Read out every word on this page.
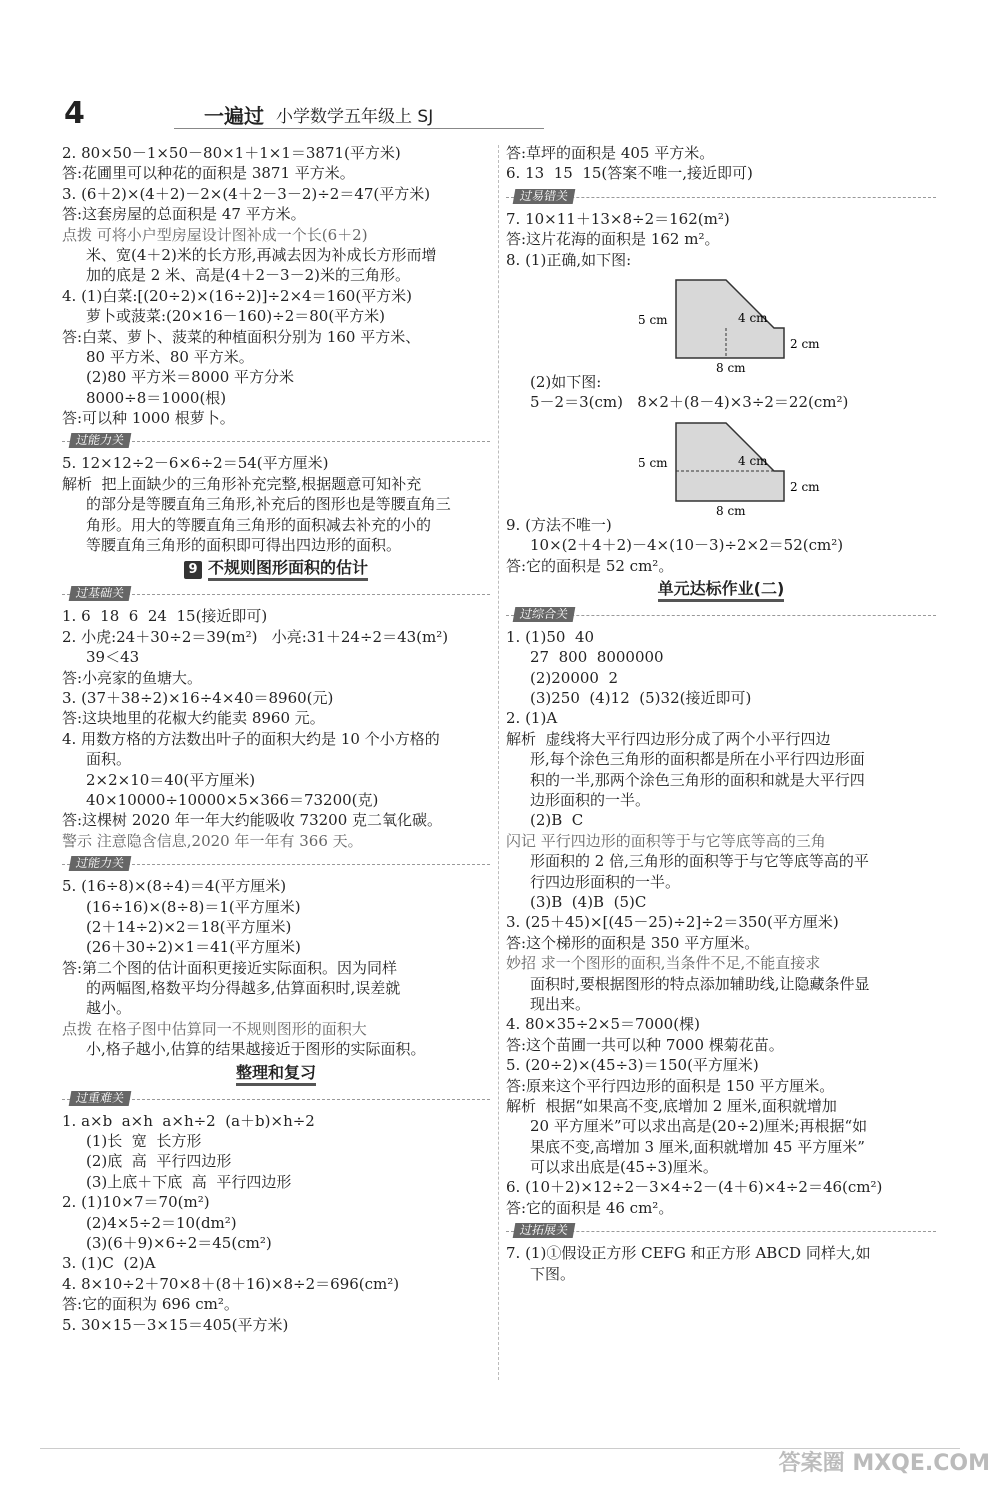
4	一遍过 小学数学五年级上 SJ
2. 80×50－1×50－80×1＋1×1＝3871(平方米)
答:花圃里可以种花的面积是 3871 平方米。
3. (6＋2)×(4＋2)－2×(4＋2－3－2)÷2＝47(平方米)
答:这套房屋的总面积是 47 平方米。
点拨 可将小户型房屋设计图补成一个长(6＋2)
米、宽(4＋2)米的长方形,再减去因为补成长方形而增
加的底是 2 米、高是(4＋2－3－2)米的三角形。
4. (1)白菜:[(20÷2)×(16÷2)]÷2×4＝160(平方米)
萝卜或菠菜:(20×16－160)÷2＝80(平方米)
答:白菜、萝卜、菠菜的种植面积分别为 160 平方米、
80 平方米、80 平方米。
(2)80 平方米＝8000 平方分米
8000÷8＝1000(根)
答:可以种 1000 根萝卜。
过能力关
5. 12×12÷2－6×6÷2＝54(平方厘米)
解析  把上面缺少的三角形补充完整,根据题意可知补充
的部分是等腰直角三角形,补充后的图形也是等腰直角三
角形。用大的等腰直角三角形的面积减去补充的小的
等腰直角三角形的面积即可得出四边形的面积。
9 不规则图形面积的估计
过基础关
1. 6  18  6  24  15(接近即可)
2. 小虎:24＋30÷2＝39(m²)   小亮:31＋24÷2＝43(m²)
39＜43
答:小亮家的鱼塘大。
3. (37＋38÷2)×16÷4×40＝8960(元)
答:这块地里的花椒大约能卖 8960 元。
4. 用数方格的方法数出叶子的面积大约是 10 个小方格的
面积。
2×2×10＝40(平方厘米)
40×10000÷10000×5×366＝73200(克)
答:这棵树 2020 年一年大约能吸收 73200 克二氧化碳。
警示 注意隐含信息,2020 年一年有 366 天。
过能力关
5. (16÷8)×(8÷4)＝4(平方厘米)
(16÷16)×(8÷8)＝1(平方厘米)
(2＋14÷2)×2＝18(平方厘米)
(26＋30÷2)×1＝41(平方厘米)
答:第二个图的估计面积更接近实际面积。因为同样
的两幅图,格数平均分得越多,估算面积时,误差就
越小。
点拨 在格子图中估算同一不规则图形的面积大
小,格子越小,估算的结果越接近于图形的实际面积。
整理和复习
过重难关
1. a×b  a×h  a×h÷2  (a＋b)×h÷2
(1)长  宽  长方形
(2)底  高  平行四边形
(3)上底＋下底  高  平行四边形
2. (1)10×7＝70(m²)
(2)4×5÷2＝10(dm²)
(3)(6＋9)×6÷2＝45(cm²)
3. (1)C  (2)A
4. 8×10÷2＋70×8＋(8＋16)×8÷2＝696(cm²)
答:它的面积为 696 cm²。
5. 30×15－3×15＝405(平方米)
答:草坪的面积是 405 平方米。
6. 13  15  15(答案不唯一,接近即可)
过易错关
7. 10×11＋13×8÷2＝162(m²)
答:这片花海的面积是 162 m²。
8. (1)正确,如下图:
5 cm	4 cm
2 cm
8 cm
(2)如下图:
5－2＝3(cm)   8×2＋(8－4)×3÷2＝22(cm²)
5 cm	4 cm
2 cm
8 cm
9. (方法不唯一)
10×(2＋4＋2)－4×(10－3)÷2×2＝52(cm²)
答:它的面积是 52 cm²。
单元达标作业(二)
过综合关
1. (1)50  40
27  800  8000000
(2)20000  2
(3)250  (4)12  (5)32(接近即可)
2. (1)A
解析  虚线将大平行四边形分成了两个小平行四边
形,每个涂色三角形的面积都是所在小平行四边形面
积的一半,那两个涂色三角形的面积和就是大平行四
边形面积的一半。
(2)B  C
闪记 平行四边形的面积等于与它等底等高的三角
形面积的 2 倍,三角形的面积等于与它等底等高的平
行四边形面积的一半。
(3)B  (4)B  (5)C
3. (25＋45)×[(45－25)÷2]÷2＝350(平方厘米)
答:这个梯形的面积是 350 平方厘米。
妙招 求一个图形的面积,当条件不足,不能直接求
面积时,要根据图形的特点添加辅助线,让隐藏条件显
现出来。
4. 80×35÷2×5＝7000(棵)
答:这个苗圃一共可以种 7000 棵菊花苗。
5. (20÷2)×(45÷3)＝150(平方厘米)
答:原来这个平行四边形的面积是 150 平方厘米。
解析  根据“如果高不变,底增加 2 厘米,面积就增加
20 平方厘米”可以求出高是(20÷2)厘米;再根据“如
果底不变,高增加 3 厘米,面积就增加 45 平方厘米”
可以求出底是(45÷3)厘米。
6. (10＋2)×12÷2－3×4÷2－(4＋6)×4÷2＝46(cm²)
答:它的面积是 46 cm²。
过拓展关
7. (1)①假设正方形 CEFG 和正方形 ABCD 同样大,如
下图。
答案圈 MXQE.COM
